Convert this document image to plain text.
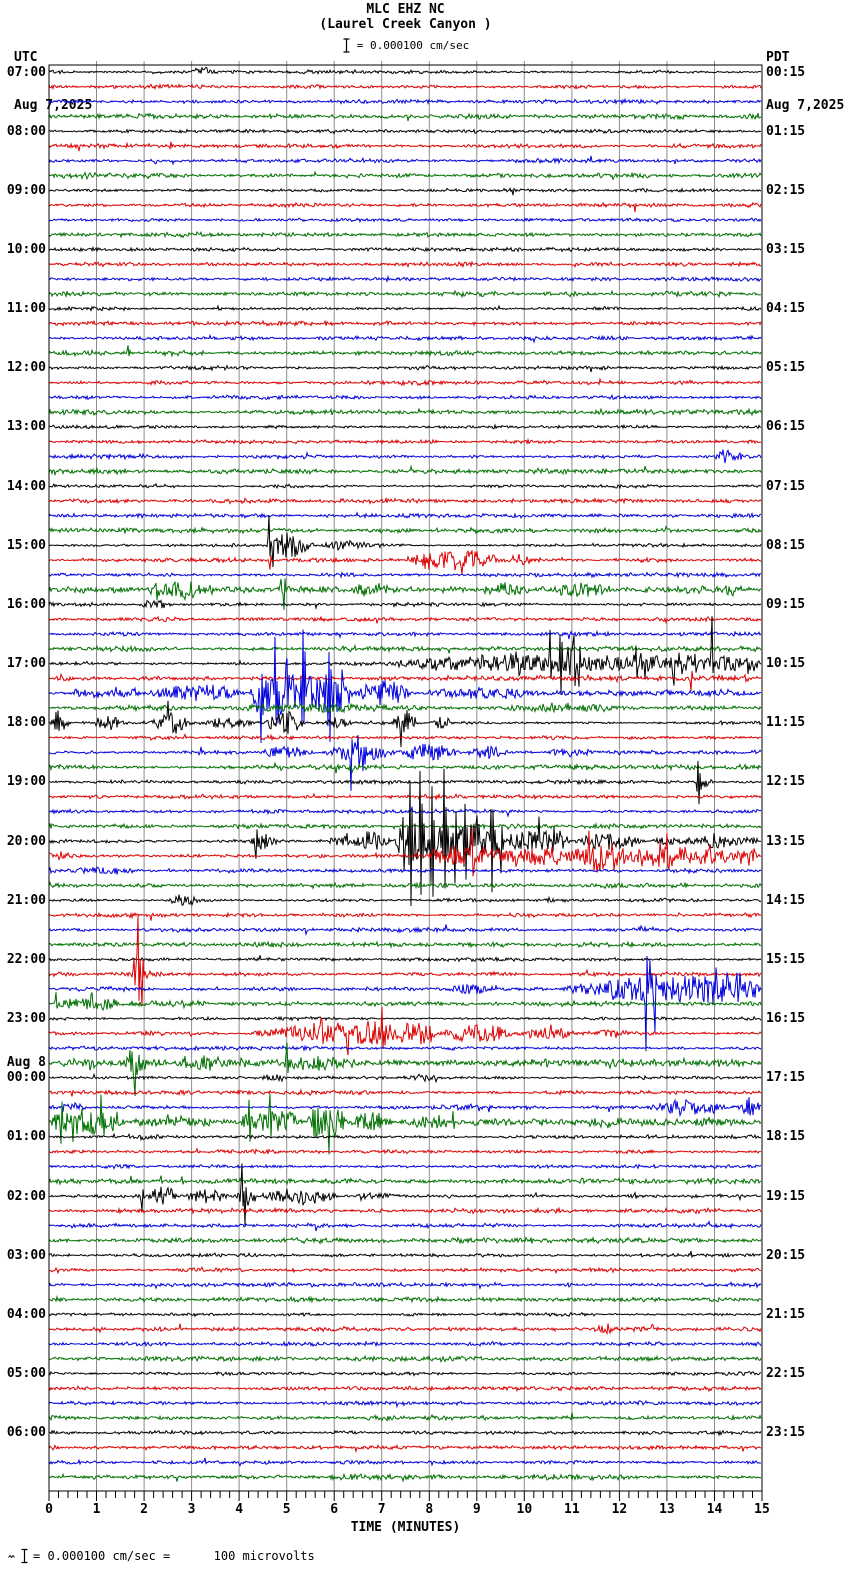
UTC

Aug 7,2025

PDT

Aug 7,2025

MLC EHZ NC
(Laurel Creek Canyon )
= 0.000100 cm/sec
07:00
08:00
09:00
10:00
11:00
12:00
13:00
14:00
15:00
16:00
17:00
18:00
19:00
20:00
21:00
22:00
23:00
00:00
01:00
02:00
03:00
04:00
05:00
06:00
Aug 8
00:15
01:15
02:15
03:15
04:15
05:15
06:15
07:15
08:15
09:15
10:15
11:15
12:15
13:15
14:15
15:15
16:15
17:15
18:15
19:15
20:15
21:15
22:15
23:15
0	1	2	3	4	5	6	7	8	9	10 11 12 13 14 15
TIME (MINUTES)
= 0.000100 cm/sec =      100 microvolts
